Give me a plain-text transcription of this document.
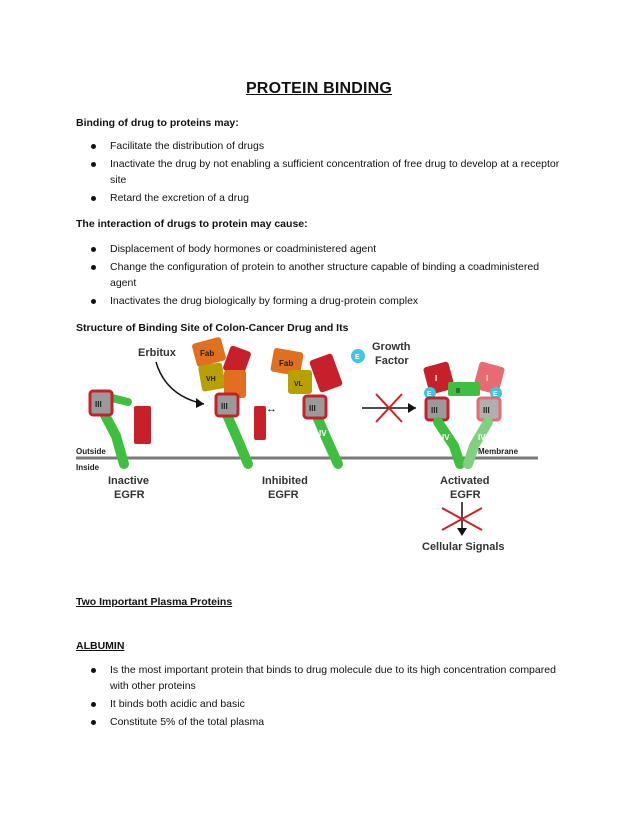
PROTEIN BINDING
Binding of drug to proteins may:
Facilitate the distribution of drugs
Inactivate the drug by not enabling a sufficient concentration of free drug to develop at a receptor site
Retard the excretion of a drug
The interaction of drugs to protein may cause:
Displacement of body hormones or coadministered agent
Change the configuration of protein to another structure capable of binding a coadministered agent
Inactivates the drug biologically by forming a drug-protein complex
Structure of Binding Site of Colon-Cancer Drug and Its
Outside
Inside
Membrane
III
IV II
Inactive
EGFR
Erbitux	Fab
VH
III	↔
Fab
VL
III
IV
Inhibited
EGFR
E
Growth
Factor
I	I
II
E	E
III	III
IV	IV
Activated
EGFR
Cellular Signals
Two Important Plasma Proteins
ALBUMIN
Is the most important protein that binds to drug molecule due to its high concentration compared with other proteins
It binds both acidic and basic
Constitute 5% of the total plasma
